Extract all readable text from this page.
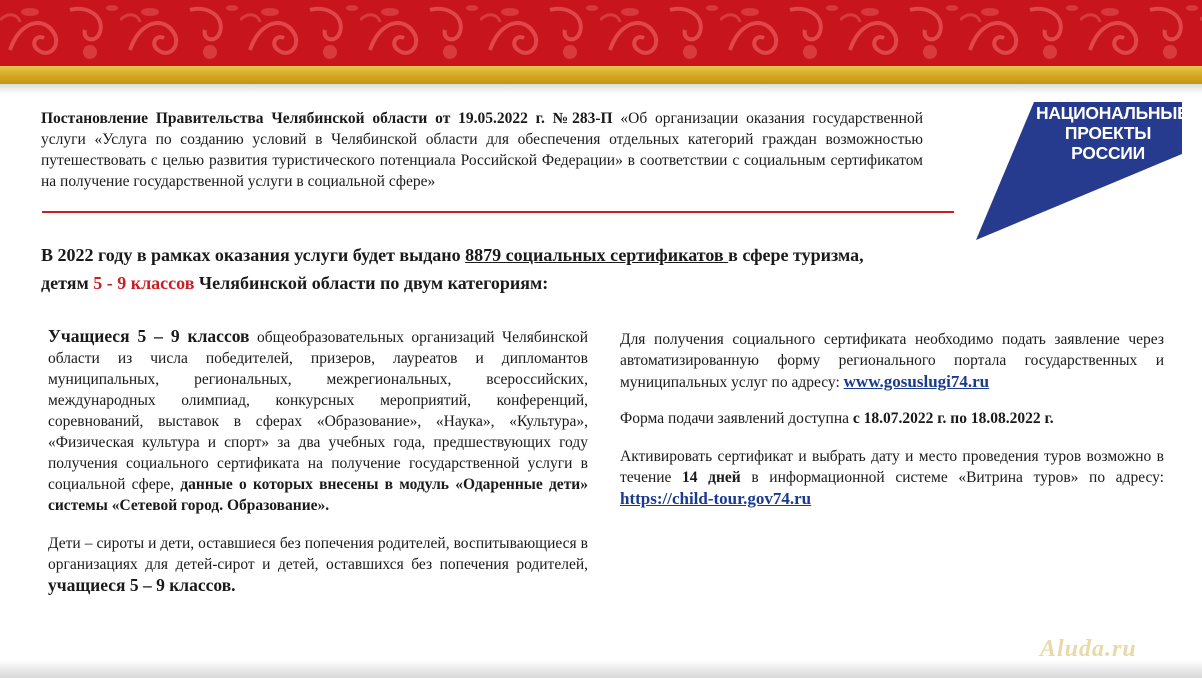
Постановление Правительства Челябинской области от 19.05.2022 г. №283-П «Об организации оказания государственной услуги «Услуга по созданию условий в Челябинской области для обеспечения отдельных категорий граждан возможностью путешествовать с целью развития туристического потенциала Российской Федерации» в соответствии с социальным сертификатом на получение государственной услуги в социальной сфере»
НАЦИОНАЛЬНЫЕ
ПРОЕКТЫ
РОССИИ
В 2022 году в рамках оказания услуги будет выдано 8879 социальных сертификатов в сфере туризма,
детям 5 - 9 классов Челябинской области по двум категориям:

Учащиеся 5 – 9 классов общеобразовательных организаций Челябинской области из числа победителей, призеров, лауреатов и дипломантов муниципальных, региональных, межрегиональных, всероссийских, международных олимпиад, конкурсных мероприятий, конференций, соревнований, выставок в сферах «Образование», «Наука», «Культура», «Физическая культура и спорт» за два учебных года, предшествующих году получения социального сертификата на получение государственной услуги в социальной сфере, данные о которых внесены в модуль «Одаренные дети» системы «Сетевой город. Образование».

Дети – сироты и дети, оставшиеся без попечения родителей, воспитывающиеся в организациях для детей-сирот и детей, оставшихся без попечения родителей, учащиеся 5 – 9 классов.

Для получения социального сертификата необходимо подать заявление через автоматизированную форму регионального портала государственных и муниципальных услуг по адресу: www.gosuslugi74.ru

Форма подачи заявлений доступна с 18.07.2022 г. по 18.08.2022 г.

Активировать сертификат и выбрать дату и место проведения туров возможно в течение 14 дней в информационной системе «Витрина туров» по адресу: https://child-tour.gov74.ru

Aluda.ru
